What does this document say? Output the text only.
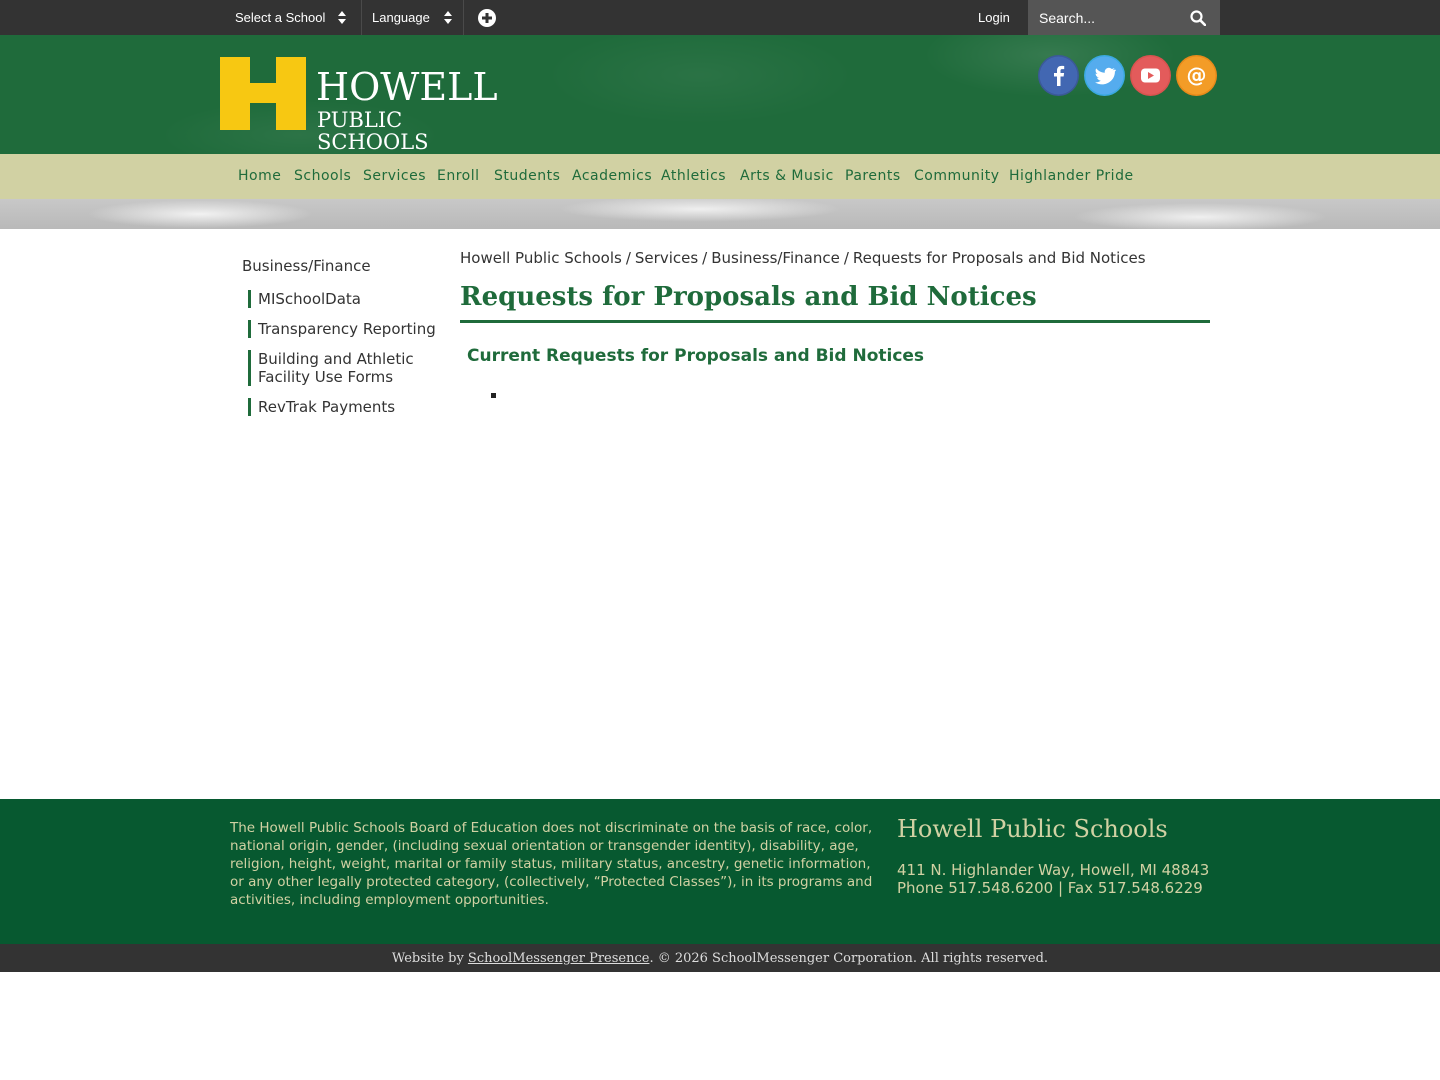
Select a School	Language	Login
Search...
HOWELL
PUBLIC SCHOOLS
@
Home Schools Services Enroll Students Academics Athletics Arts & Music Parents Community Highlander Pride
Business/Finance
MISchoolData
Transparency Reporting
Building and Athletic Facility Use Forms
RevTrak Payments
Howell Public Schools / Services / Business/Finance / Requests for Proposals and Bid Notices
Requests for Proposals and Bid Notices
Current Requests for Proposals and Bid Notices

The Howell Public Schools Board of Education does not discriminate on the basis of race, color, national origin, gender, (including sexual orientation or transgender identity), disability, age, religion, height, weight, marital or family status, military status, ancestry, genetic information, or any other legally protected category, (collectively, “Protected Classes”), in its programs and activities, including employment opportunities.

Howell Public Schools
411 N. Highlander Way, Howell, MI 48843
Phone 517.548.6200 | Fax 517.548.6229
Website by SchoolMessenger Presence. © 2026 SchoolMessenger Corporation. All rights reserved.
